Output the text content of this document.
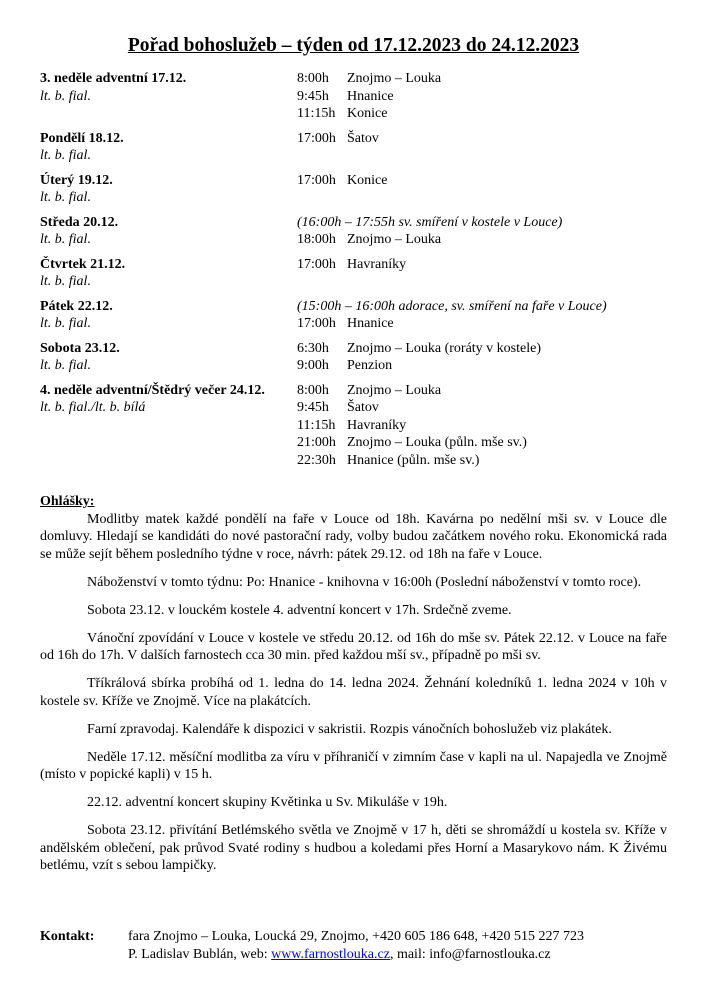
Pořad bohoslužeb – týden od 17.12.2023 do 24.12.2023
3. neděle adventní 17.12.
lt. b. fial.
8:00h	Znojmo – Louka
9:45h	Hnanice
11:15h Konice
Pondělí 18.12.
lt. b. fial.
17:00h Šatov
Úterý 19.12.
lt. b. fial.
17:00h Konice
Středa 20.12.
lt. b. fial.
(16:00h – 17:55h sv. smíření v kostele v Louce)
18:00h Znojmo – Louka
Čtvrtek 21.12.
lt. b. fial.
17:00h Havraníky
Pátek 22.12.
lt. b. fial.
(15:00h – 16:00h adorace, sv. smíření na faře v Louce)
17:00h Hnanice
Sobota 23.12.
lt. b. fial.
6:30h	Znojmo – Louka (roráty v kostele)
9:00h	Penzion
4. neděle adventní/Štědrý večer 24.12.
lt. b. fial./lt. b. bílá
8:00h	Znojmo – Louka
9:45h	Šatov
11:15h Havraníky
21:00h Znojmo – Louka (půln. mše sv.)
22:30h Hnanice (půln. mše sv.)
Ohlášky:

Modlitby matek každé pondělí na faře v Louce od 18h. Kavárna po nedělní mši sv. v Louce dle domluvy. Hledají se kandidáti do nové pastorační rady, volby budou začátkem nového roku. Ekonomická rada se může sejít během posledního týdne v roce, návrh: pátek 29.12. od 18h na faře v Louce.

Náboženství v tomto týdnu: Po: Hnanice - knihovna v 16:00h (Poslední náboženství v tomto roce).

Sobota 23.12. v louckém kostele 4. adventní koncert v 17h. Srdečně zveme.

Vánoční zpovídání v Louce v kostele ve středu 20.12. od 16h do mše sv. Pátek 22.12. v Louce na faře od 16h do 17h. V dalších farnostech cca 30 min. před každou mší sv., případně po mši sv.

Tříkrálová sbírka probíhá od 1. ledna do 14. ledna 2024. Žehnání koledníků 1. ledna 2024 v 10h v kostele sv. Kříže ve Znojmě. Více na plakátcích.

Farní zpravodaj. Kalendáře k dispozici v sakristii. Rozpis vánočních bohoslužeb viz plakátek.

Neděle 17.12. měsíční modlitba za víru v příhraničí v zimním čase v kapli na ul. Napajedla ve Znojmě (místo v popické kapli) v 15 h.

22.12. adventní koncert skupiny Květinka u Sv. Mikuláše v 19h.

Sobota 23.12. přivítání Betlémského světla ve Znojmě v 17 h, děti se shromáždí u kostela sv. Kříže v andělském oblečení, pak průvod Svaté rodiny s hudbou a koledami přes Horní a Masarykovo nám. K Živému betlému, vzít s sebou lampičky.

Kontakt:	fara Znojmo – Louka, Loucká 29, Znojmo, +420 605 186 648, +420 515 227 723
P. Ladislav Bublán, web: www.farnostlouka.cz, mail: info@farnostlouka.cz
